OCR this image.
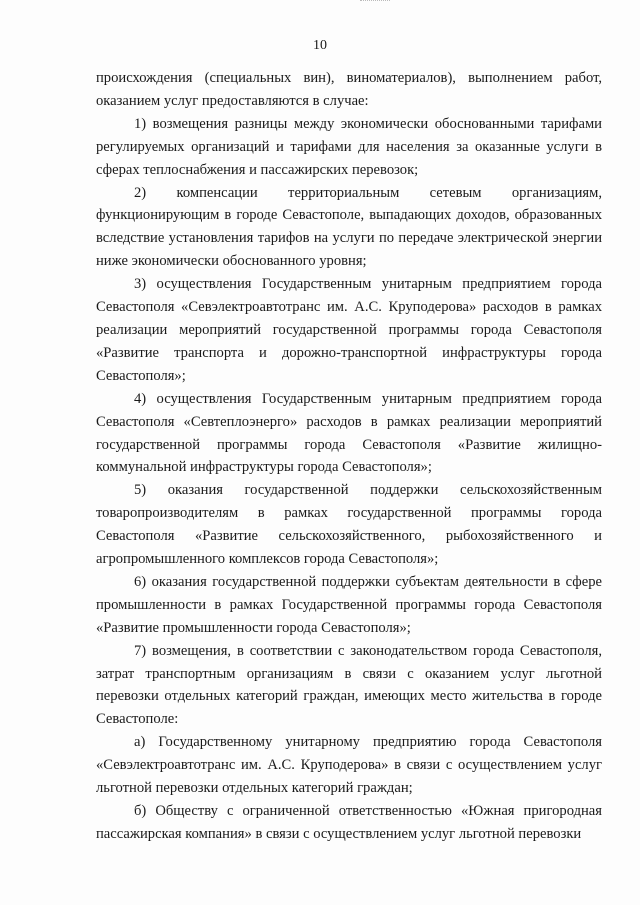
10

происхождения (специальных вин), виноматериалов), выполнением работ, оказанием услуг предоставляются в случае:

1) возмещения разницы между экономически обоснованными тарифами регулируемых организаций и тарифами для населения за оказанные услуги в сферах теплоснабжения и пассажирских перевозок;

2) компенсации территориальным сетевым организациям, функционирующим в городе Севастополе, выпадающих доходов, образованных вследствие установления тарифов на услуги по передаче электрической энергии ниже экономически обоснованного уровня;

3) осуществления Государственным унитарным предприятием города Севастополя «Севэлектроавтотранс им. А.С. Круподерова» расходов в рамках реализации мероприятий государственной программы города Севастополя «Развитие транспорта и дорожно-транспортной инфраструктуры города Севастополя»;

4) осуществления Государственным унитарным предприятием города Севастополя «Севтеплоэнерго» расходов в рамках реализации мероприятий государственной программы города Севастополя «Развитие жилищно-коммунальной инфраструктуры города Севастополя»;

5) оказания государственной поддержки сельскохозяйственным товаропроизводителям в рамках государственной программы города Севастополя «Развитие сельскохозяйственного, рыбохозяйственного и агропромышленного комплексов города Севастополя»;

6) оказания государственной поддержки субъектам деятельности в сфере промышленности в рамках Государственной программы города Севастополя «Развитие промышленности города Севастополя»;

7) возмещения, в соответствии с законодательством города Севастополя, затрат транспортным организациям в связи с оказанием услуг льготной перевозки отдельных категорий граждан, имеющих место жительства в городе Севастополе:

а) Государственному унитарному предприятию города Севастополя «Севэлектроавтотранс им. А.С. Круподерова» в связи с осуществлением услуг льготной перевозки отдельных категорий граждан;

б) Обществу с ограниченной ответственностью «Южная пригородная пассажирская компания» в связи с осуществлением услуг льготной перевозки
